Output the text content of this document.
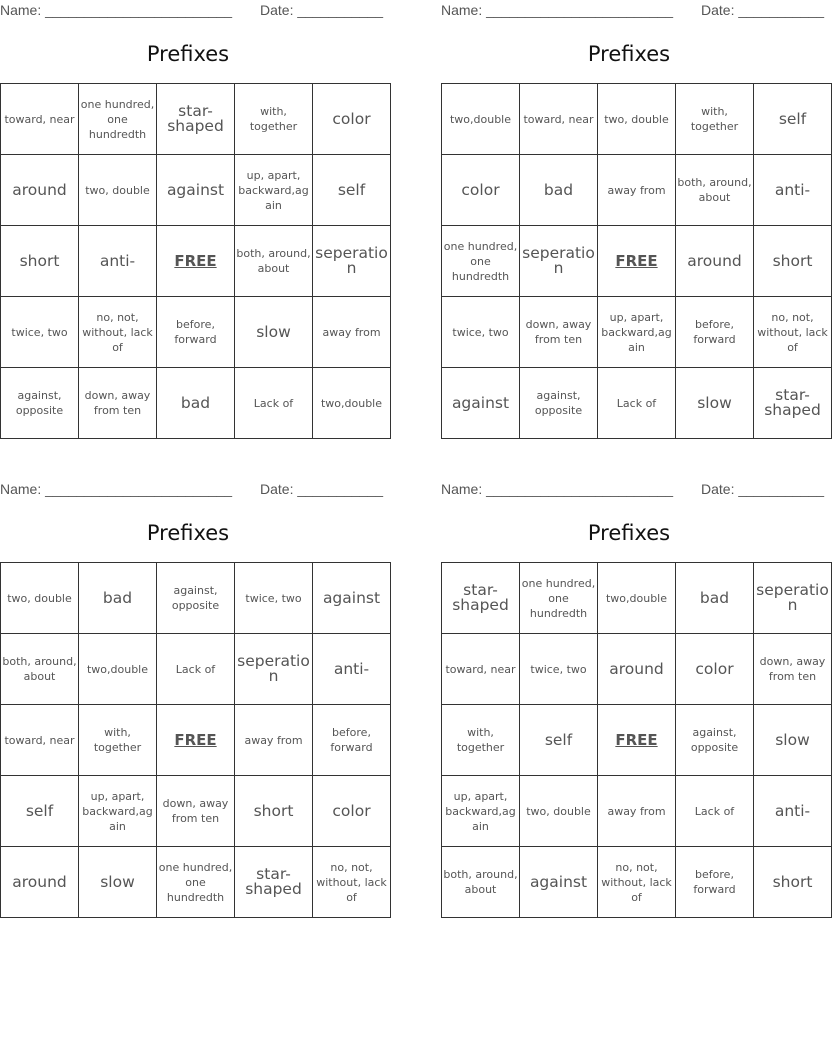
Name: ________________________ Date: ___________
Prefixes
toward, near	one hundred, one hundredth	star-shaped	with, together	color
around	two, double	against	up, apart, backward,again	self
short	anti-	FREE	both, around, about	seperation
twice, two	no, not, without, lack of	before, forward	slow	away from
against, opposite	down, away from ten	bad	Lack of	two,double
Name: ________________________ Date: ___________
Prefixes
two,double	toward, near	two, double	with, together	self
color	bad	away from	both, around, about	anti-
one hundred, one hundredth	seperation	FREE	around	short
twice, two	down, away from ten	up, apart, backward,again	before, forward	no, not, without, lack of
against	against, opposite	Lack of	slow	star-shaped
Name: ________________________ Date: ___________
Prefixes
two, double	bad	against, opposite	twice, two	against
both, around, about	two,double	Lack of	seperation	anti-
toward, near	with, together	FREE	away from	before, forward
self	up, apart, backward,again	down, away from ten	short	color
around	slow	one hundred, one hundredth	star-shaped	no, not, without, lack of
Name: ________________________ Date: ___________
Prefixes
star-shaped	one hundred, one hundredth	two,double	bad	seperation
toward, near	twice, two	around	color	down, away from ten
with, together	self	FREE	against, opposite	slow
up, apart, backward,again	two, double	away from	Lack of	anti-
both, around, about	against	no, not, without, lack of	before, forward	short
